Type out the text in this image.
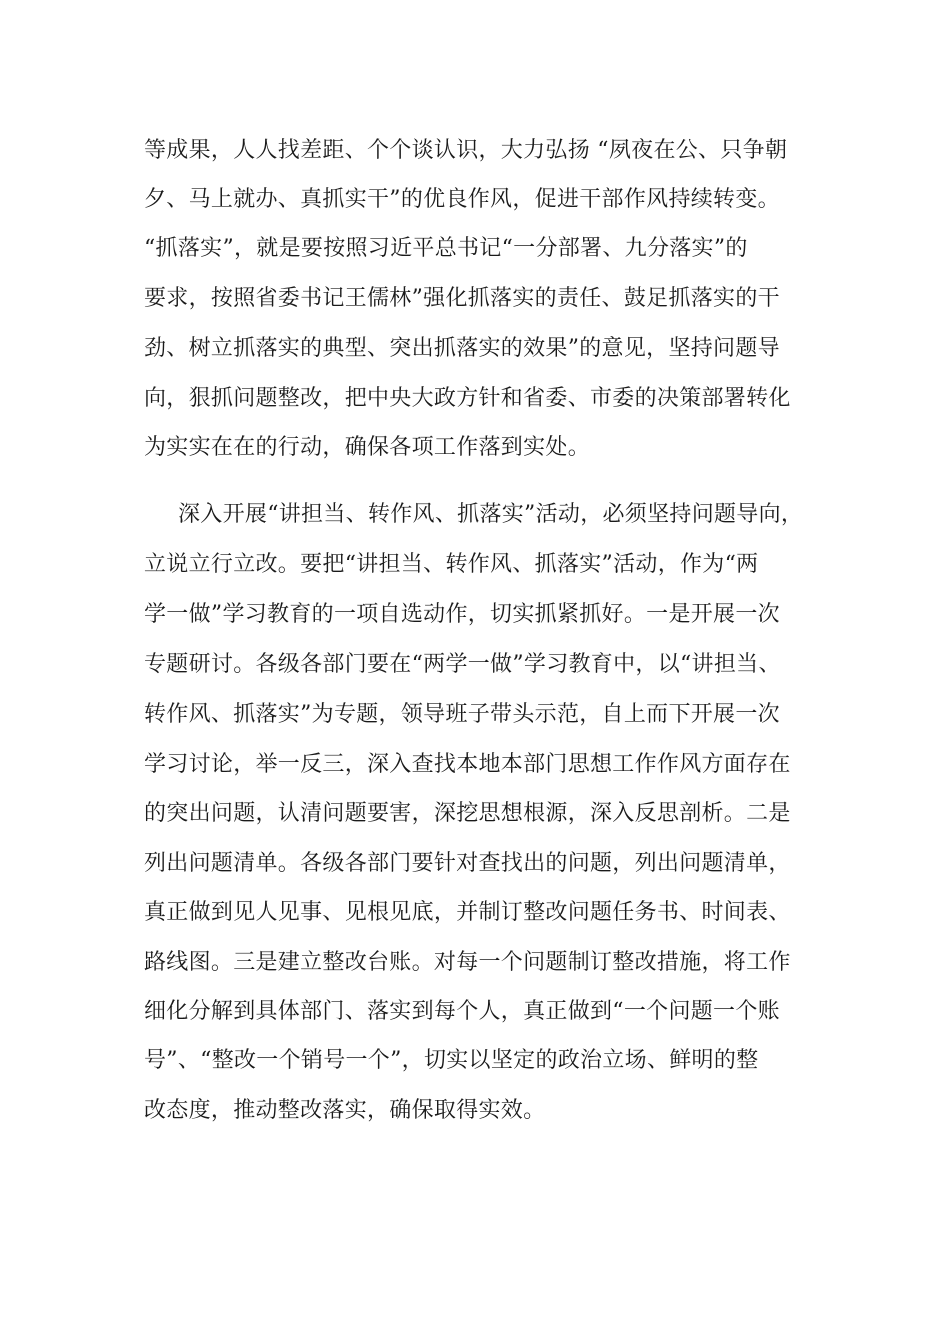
等成果，人人找差距、个个谈认识，大力弘扬 “夙夜在公、只争朝
夕、马上就办、真抓实干”的优良作风，促进干部作风持续转变。
“抓落实”，就是要按照习近平总书记“一分部署、九分落实”的
要求，按照省委书记王儒林”强化抓落实的责任、鼓足抓落实的干
劲、树立抓落实的典型、突出抓落实的效果”的意见，坚持问题导
向，狠抓问题整改，把中央大政方针和省委、市委的决策部署转化
为实实在在的行动，确保各项工作落到实处。
深入开展“讲担当、转作风、抓落实”活动，必须坚持问题导向，
立说立行立改。要把“讲担当、转作风、抓落实”活动，作为“两
学一做”学习教育的一项自选动作，切实抓紧抓好。一是开展一次
专题研讨。各级各部门要在“两学一做”学习教育中，以“讲担当、
转作风、抓落实”为专题，领导班子带头示范，自上而下开展一次
学习讨论，举一反三，深入查找本地本部门思想工作作风方面存在
的突出问题，认清问题要害，深挖思想根源，深入反思剖析。二是
列出问题清单。各级各部门要针对查找出的问题，列出问题清单，
真正做到见人见事、见根见底，并制订整改问题任务书、时间表、
路线图。三是建立整改台账。对每一个问题制订整改措施，将工作
细化分解到具体部门、落实到每个人，真正做到“一个问题一个账
号”、“整改一个销号一个”，切实以坚定的政治立场、鲜明的整
改态度，推动整改落实，确保取得实效。
